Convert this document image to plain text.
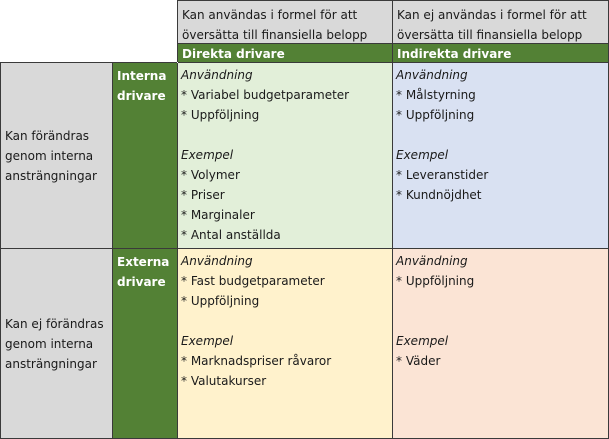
Kan användas i formel för att översätta till finansiella belopp
Kan ej användas i formel för att översätta till finansiella belopp
Direkta drivare	Indirekta drivare
Kan förändras genom interna ansträngningar
Interna drivare
Användning
* Variabel budgetparameter
* Uppföljning
Exempel
* Volymer
* Priser
* Marginaler
* Antal anställda
Användning
* Målstyrning
* Uppföljning
Exempel
* Leveranstider
* Kundnöjdhet
Kan ej förändras genom interna ansträngningar
Externa drivare
Användning
* Fast budgetparameter
* Uppföljning
Exempel
* Marknadspriser råvaror
* Valutakurser
Användning
* Uppföljning
Exempel
* Väder
